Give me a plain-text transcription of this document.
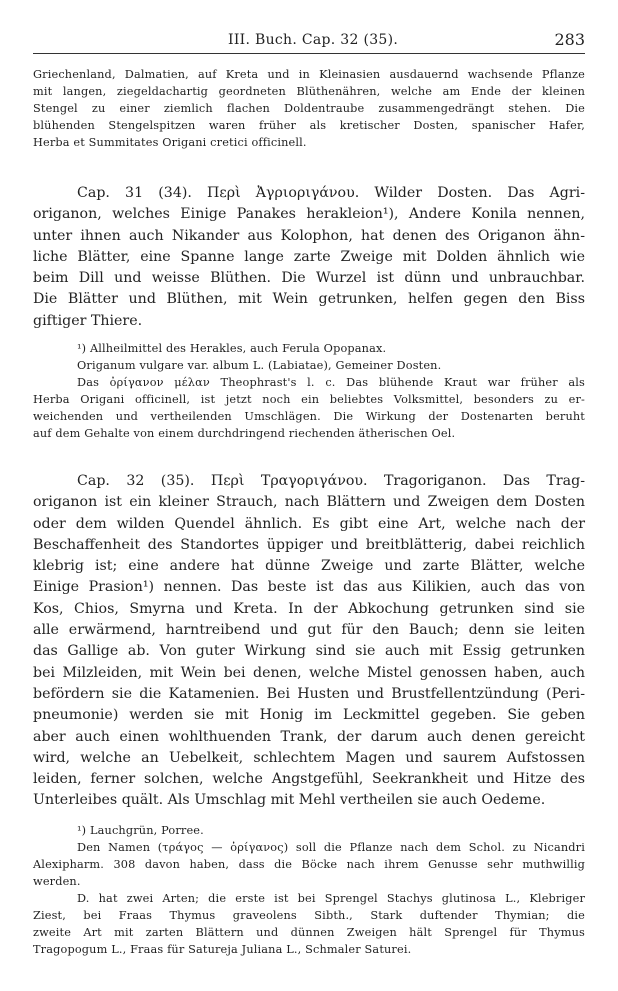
III. Buch. Cap. 32 (35).	283
Griechenland, Dalmatien, auf Kreta und in Kleinasien ausdauernd wachsende Pflanze
mit langen, ziegeldachartig geordneten Blüthenähren, welche am Ende der kleinen
Stengel zu einer ziemlich flachen Doldentraube zusammengedrängt stehen. Die
blühenden Stengelspitzen waren früher als kretischer Dosten, spanischer Hafer,
Herba et Summitates Origani cretici officinell.
Cap. 31 (34). Περὶ Ἀγριοριγάνου. Wilder Dosten. Das Agri-
origanon, welches Einige Panakes herakleion¹), Andere Konila nennen,
unter ihnen auch Nikander aus Kolophon, hat denen des Origanon ähn-
liche Blätter, eine Spanne lange zarte Zweige mit Dolden ähnlich wie
beim Dill und weisse Blüthen. Die Wurzel ist dünn und unbrauchbar.
Die Blätter und Blüthen, mit Wein getrunken, helfen gegen den Biss
giftiger Thiere.
¹) Allheilmittel des Herakles, auch Ferula Opopanax.
Origanum vulgare var. album L. (Labiatae), Gemeiner Dosten.
Das ὀρίγανον μέλαν Theophrast's l. c. Das blühende Kraut war früher als
Herba Origani officinell, ist jetzt noch ein beliebtes Volksmittel, besonders zu er-
weichenden und vertheilenden Umschlägen. Die Wirkung der Dostenarten beruht
auf dem Gehalte von einem durchdringend riechenden ätherischen Oel.
Cap. 32 (35). Περὶ Τραγοριγάνου. Tragoriganon. Das Trag-
origanon ist ein kleiner Strauch, nach Blättern und Zweigen dem Dosten
oder dem wilden Quendel ähnlich. Es gibt eine Art, welche nach der
Beschaffenheit des Standortes üppiger und breitblätterig, dabei reichlich
klebrig ist; eine andere hat dünne Zweige und zarte Blätter, welche
Einige Prasion¹) nennen. Das beste ist das aus Kilikien, auch das von
Kos, Chios, Smyrna und Kreta. In der Abkochung getrunken sind sie
alle erwärmend, harntreibend und gut für den Bauch; denn sie leiten
das Gallige ab. Von guter Wirkung sind sie auch mit Essig getrunken
bei Milzleiden, mit Wein bei denen, welche Mistel genossen haben, auch
befördern sie die Katamenien. Bei Husten und Brustfellentzündung (Peri-
pneumonie) werden sie mit Honig im Leckmittel gegeben. Sie geben
aber auch einen wohlthuenden Trank, der darum auch denen gereicht
wird, welche an Uebelkeit, schlechtem Magen und saurem Aufstossen
leiden, ferner solchen, welche Angstgefühl, Seekrankheit und Hitze des
Unterleibes quält. Als Umschlag mit Mehl vertheilen sie auch Oedeme.
¹) Lauchgrün, Porree.
Den Namen (τράγος — ὀρίγανος) soll die Pflanze nach dem Schol. zu Nicandri
Alexipharm. 308 davon haben, dass die Böcke nach ihrem Genusse sehr muthwillig
werden.
D. hat zwei Arten; die erste ist bei Sprengel Stachys glutinosa L., Klebriger
Ziest, bei Fraas Thymus graveolens Sibth., Stark duftender Thymian; die
zweite Art mit zarten Blättern und dünnen Zweigen hält Sprengel für Thymus
Tragopogum L., Fraas für Satureja Juliana L., Schmaler Saturei.
